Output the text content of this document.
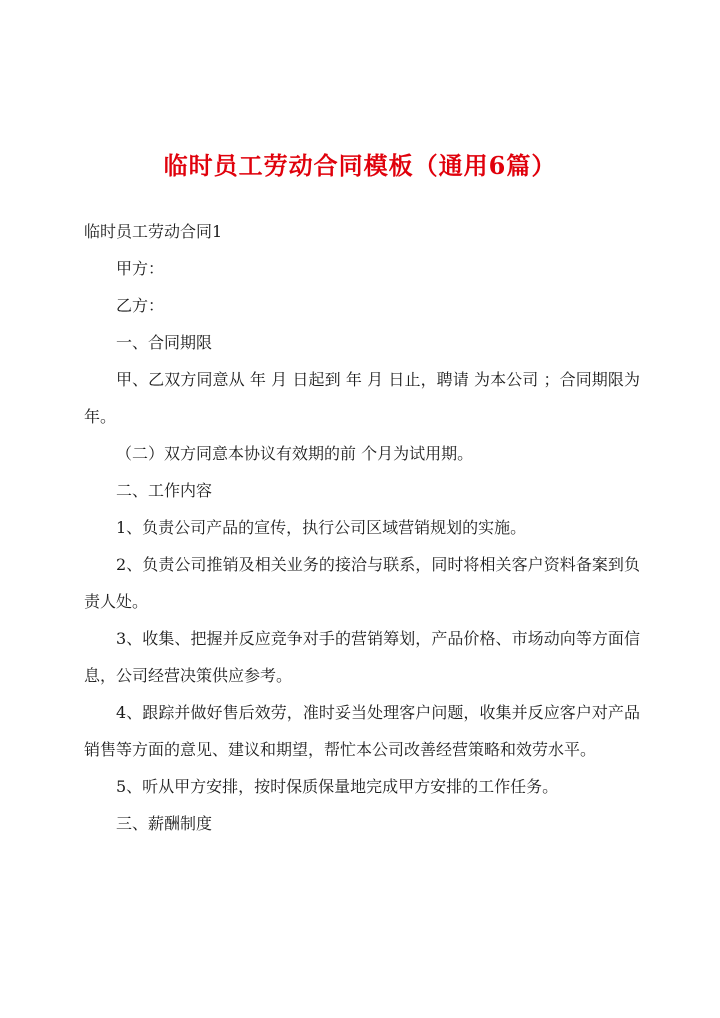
临时员工劳动合同模板（通用6篇）

临时员工劳动合同1

甲方：

乙方：

一、合同期限

甲、乙双方同意从 年 月 日起到 年 月 日止，聘请 为本公司 ；合同期限为 年。

（二）双方同意本协议有效期的前 个月为试用期。

二、工作内容

1、负责公司产品的宣传，执行公司区域营销规划的实施。

2、负责公司推销及相关业务的接洽与联系，同时将相关客户资料备案到负责人处。

3、收集、把握并反应竞争对手的营销筹划，产品价格、市场动向等方面信息，公司经营决策供应参考。

4、跟踪并做好售后效劳，准时妥当处理客户问题，收集并反应客户对产品销售等方面的意见、建议和期望，帮忙本公司改善经营策略和效劳水平。

5、听从甲方安排，按时保质保量地完成甲方安排的工作任务。

三、薪酬制度
